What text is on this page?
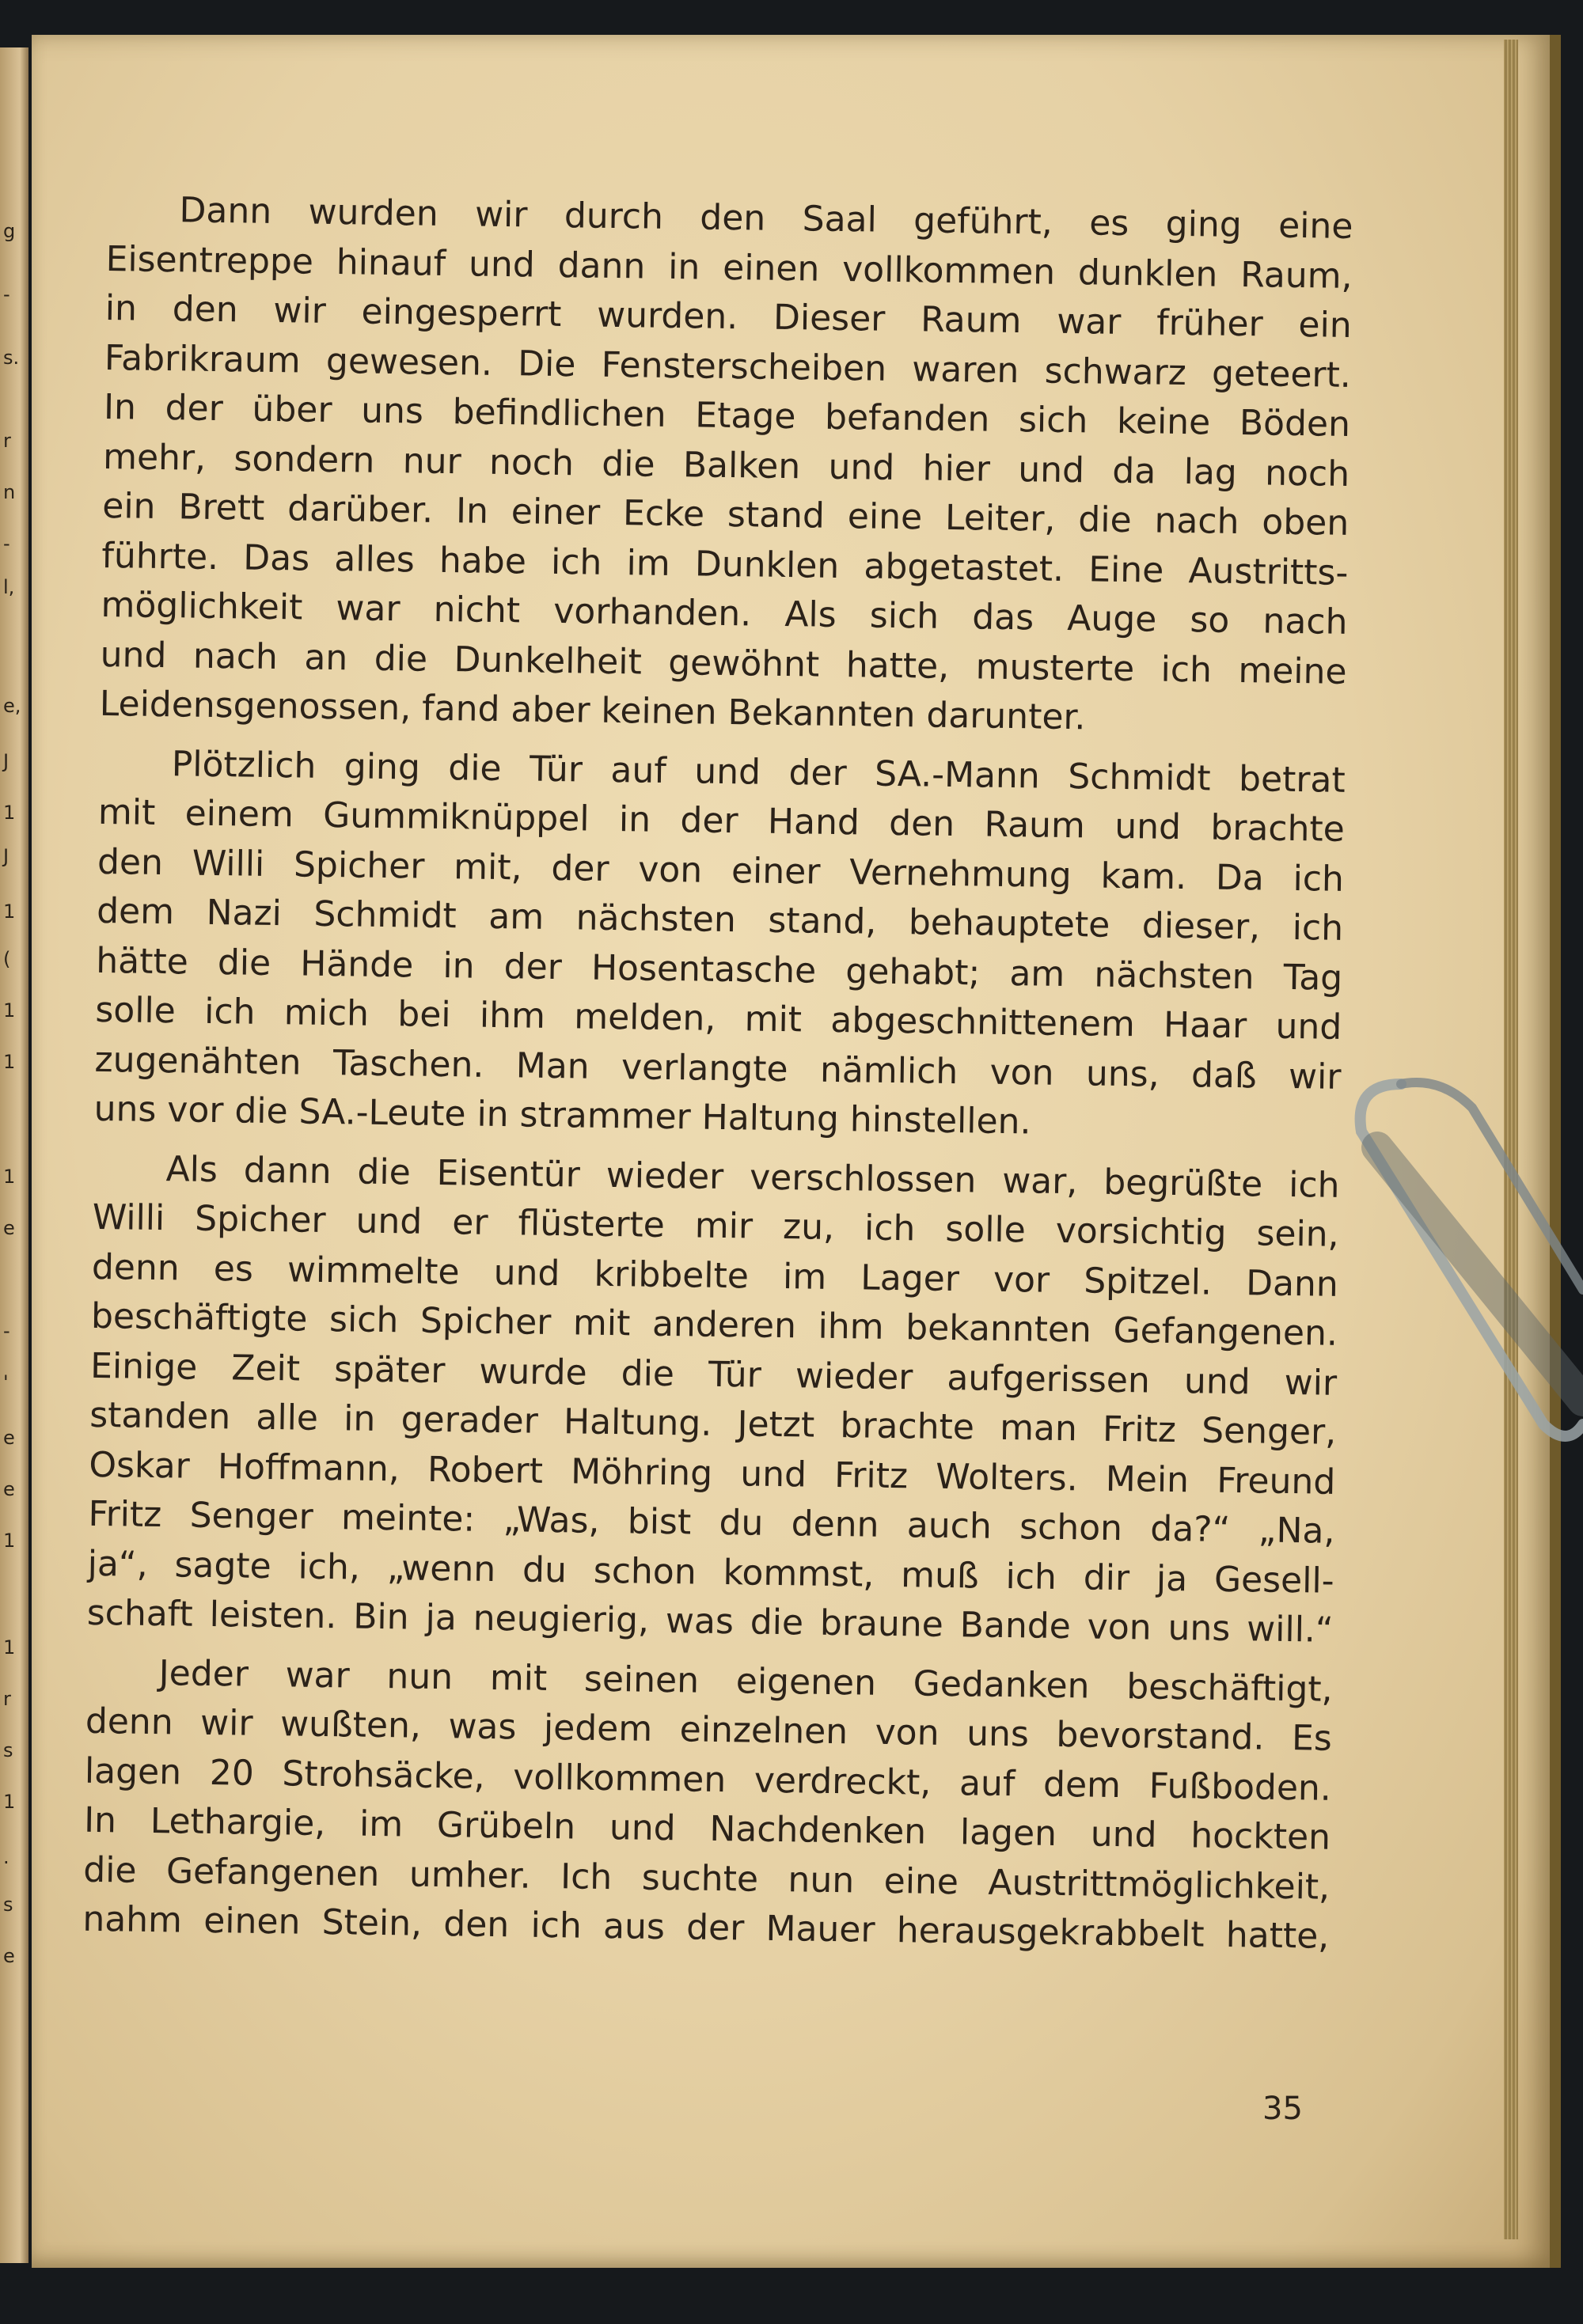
g
-
s.
r
n
-
l,
e,
J
1
J
1
(
1
1
1
e
-
'
e
e
1
1
r
s
1
.
s
e

Dann wurden wir durch den Saal geführt, es ging eine
Eisentreppe hinauf und dann in einen vollkommen dunklen Raum,
in den wir eingesperrt wurden. Dieser Raum war früher ein
Fabrikraum gewesen. Die Fensterscheiben waren schwarz geteert.
In der über uns befindlichen Etage befanden sich keine Böden
mehr, sondern nur noch die Balken und hier und da lag noch
ein Brett darüber. In einer Ecke stand eine Leiter, die nach oben
führte. Das alles habe ich im Dunklen abgetastet. Eine Austritts-
möglichkeit war nicht vorhanden. Als sich das Auge so nach
und nach an die Dunkelheit gewöhnt hatte, musterte ich meine
Leidensgenossen, fand aber keinen Bekannten darunter.

Plötzlich ging die Tür auf und der SA.-Mann Schmidt betrat
mit einem Gummiknüppel in der Hand den Raum und brachte
den Willi Spicher mit, der von einer Vernehmung kam. Da ich
dem Nazi Schmidt am nächsten stand, behauptete dieser, ich
hätte die Hände in der Hosentasche gehabt; am nächsten Tag
solle ich mich bei ihm melden, mit abgeschnittenem Haar und
zugenähten Taschen. Man verlangte nämlich von uns, daß wir
uns vor die SA.-Leute in strammer Haltung hinstellen.

Als dann die Eisentür wieder verschlossen war, begrüßte ich
Willi Spicher und er flüsterte mir zu, ich solle vorsichtig sein,
denn es wimmelte und kribbelte im Lager vor Spitzel. Dann
beschäftigte sich Spicher mit anderen ihm bekannten Gefangenen.
Einige Zeit später wurde die Tür wieder aufgerissen und wir
standen alle in gerader Haltung. Jetzt brachte man Fritz Senger,
Oskar Hoffmann, Robert Möhring und Fritz Wolters. Mein Freund
Fritz Senger meinte: „Was, bist du denn auch schon da?“ „Na,
ja“, sagte ich, „wenn du schon kommst, muß ich dir ja Gesell-
schaft leisten. Bin ja neugierig, was die braune Bande von uns will.“

Jeder war nun mit seinen eigenen Gedanken beschäftigt,
denn wir wußten, was jedem einzelnen von uns bevorstand. Es
lagen 20 Strohsäcke, vollkommen verdreckt, auf dem Fußboden.
In Lethargie, im Grübeln und Nachdenken lagen und hockten
die Gefangenen umher. Ich suchte nun eine Austrittmöglichkeit,
nahm einen Stein, den ich aus der Mauer herausgekrabbelt hatte,

35
